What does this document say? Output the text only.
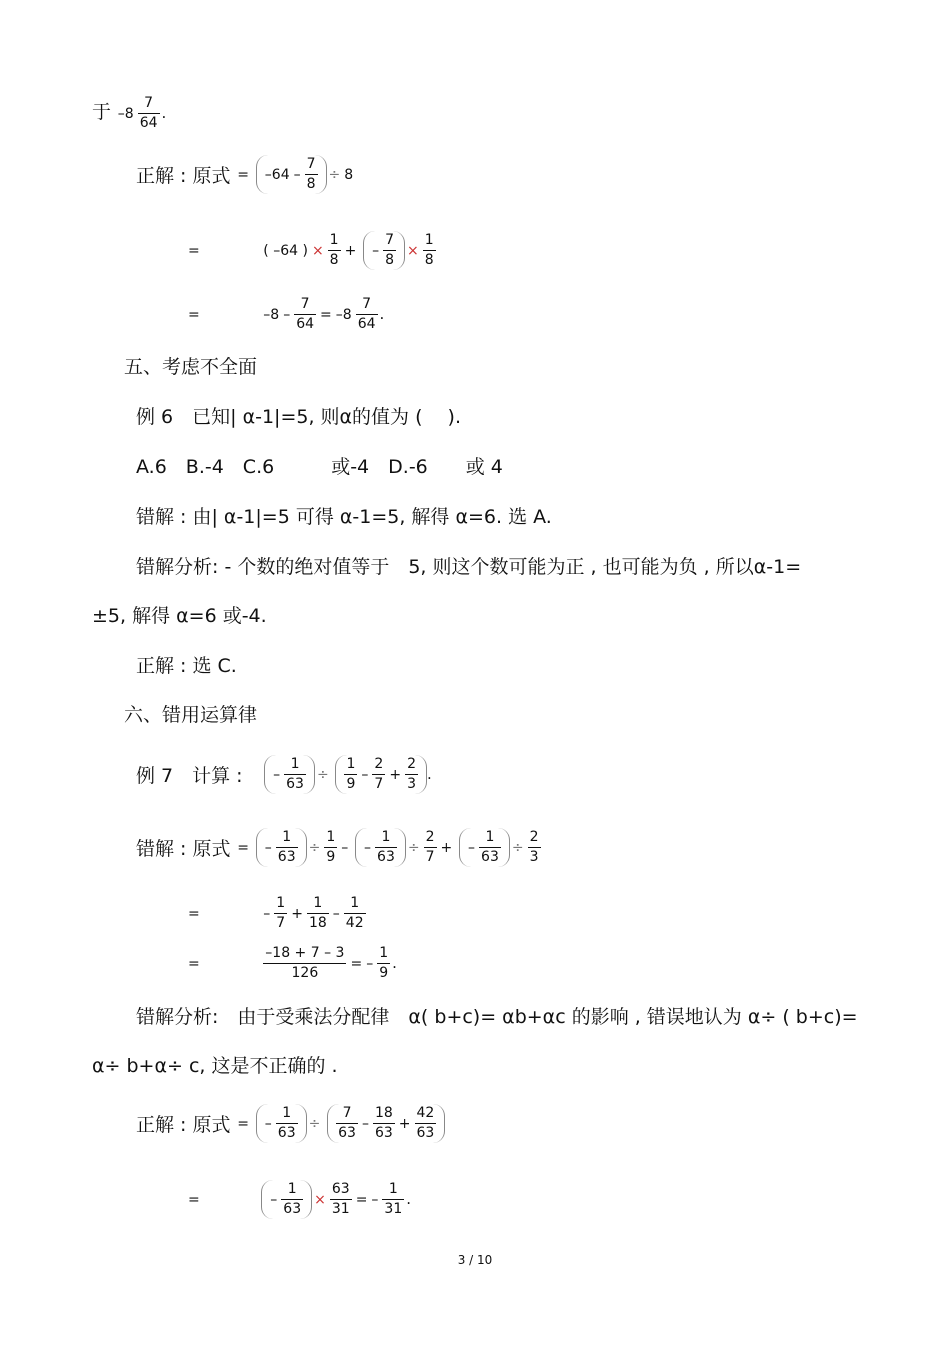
于 $-8 \frac{7}{64}$ .
正解 : 原式 = $-64 - \frac{7}{8} \div 8$
=	( –64 ) × $\frac{1}{8}$ + – $\frac{7}{8} \times \frac{1}{8}$
=	$-8 - \frac{7}{64} = -8 \frac{7}{64}$ .
五、考虑不全面
例 6　已知| α-1|=5, 则α的值为 (　 ).
A.6　B.-4　C.6　　　或-4　D.-6　　或 4
错解 : 由| α-1|=5 可得 α-1=5, 解得 α=6. 选 A.
错解分析: - 个数的绝对值等于　5, 则这个数可能为正 , 也可能为负 , 所以α-1=
±5, 解得 α=6 或-4.
正解 : 选 C.
六、错用运算律
例 7　计算 : – $\frac{1}{63} \div \frac{1}{9} - \frac{2}{7} + \frac{2}{3}$ .
错解 : 原式 = – $\frac{1}{63} \div \frac{1}{9}$ – – $\frac{1}{63} \div \frac{2}{7}$ + – $\frac{1}{63} \div \frac{2}{3}$
=	– $\frac{1}{7} + \frac{1}{18} - \frac{1}{42}$
=	$\frac{-18 + 7 - 3}{126}$ = – $\frac{1}{9}$ .
错解分析:　由于受乘法分配律　α( b+c)= αb+αc 的影响 , 错误地认为 α÷ ( b+c)=
α÷ b+α÷ c, 这是不正确的 .
正解 : 原式 = – $\frac{1}{63} \div \frac{7}{63} - \frac{18}{63} + \frac{42}{63}$
=	– $\frac{1}{63} \times \frac{63}{31}$ = – $\frac{1}{31}$ .
3 / 10
